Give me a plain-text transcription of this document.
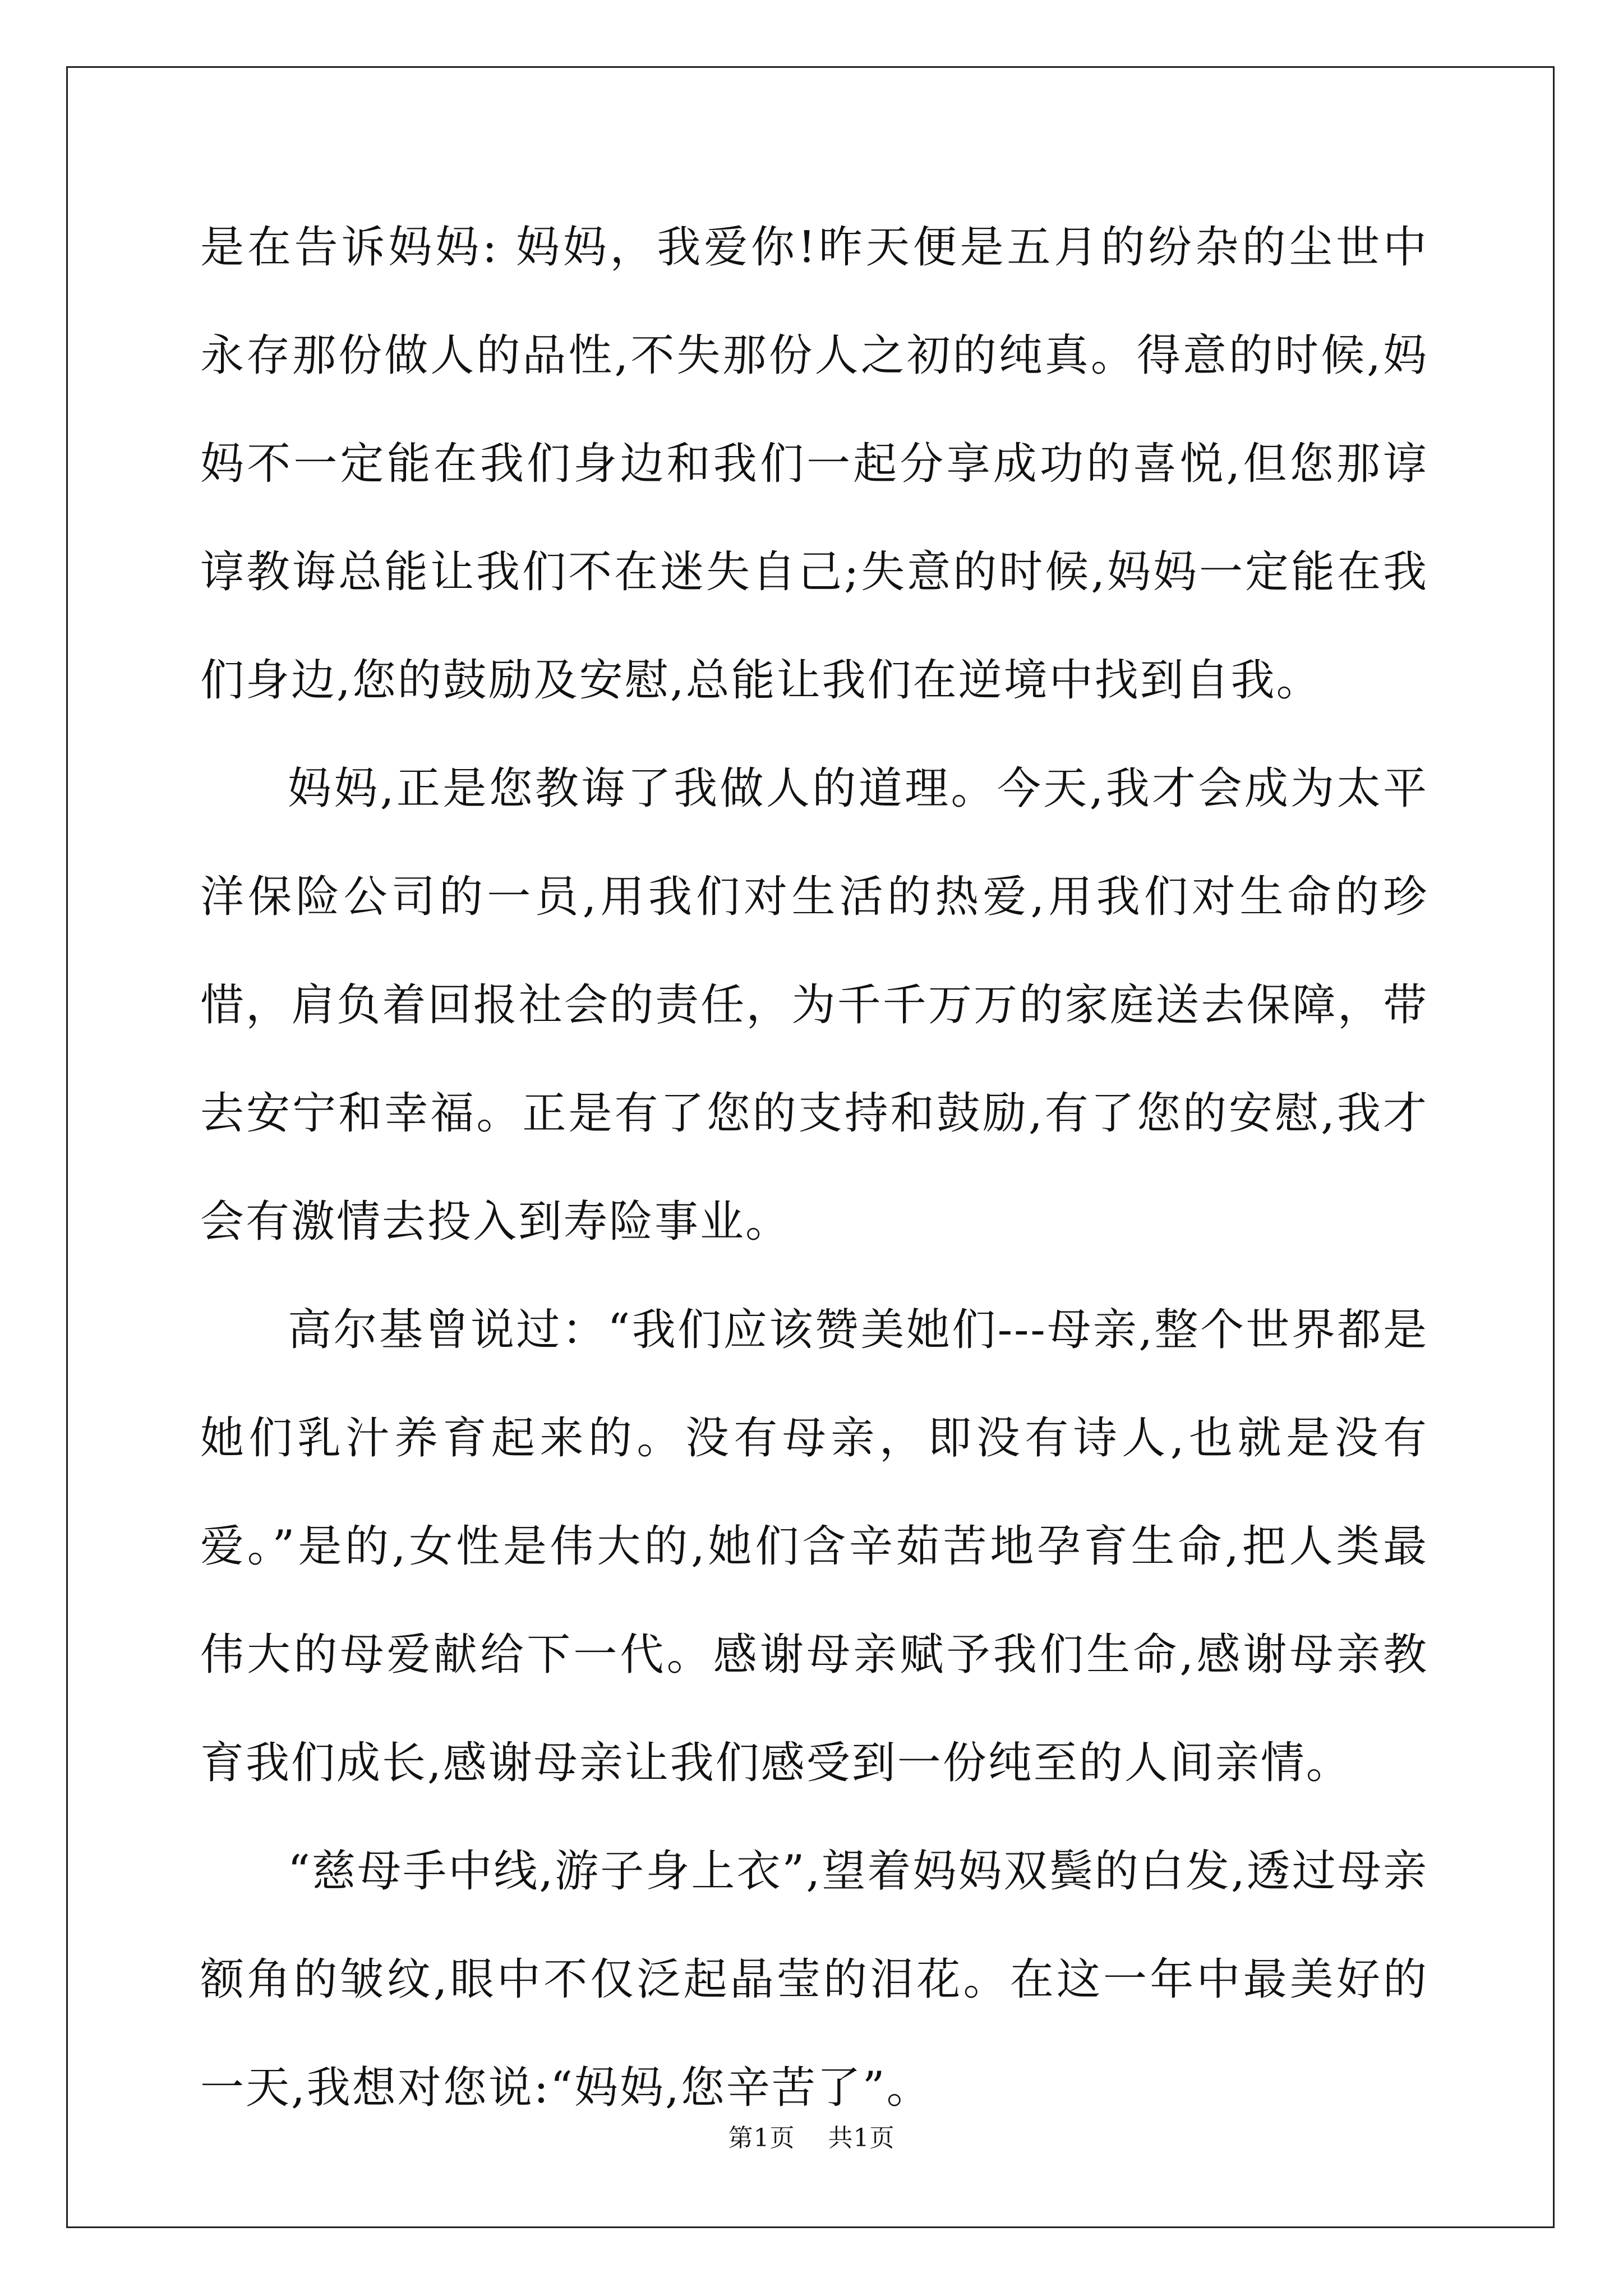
是在告诉妈妈: 妈妈，我爱你!昨天便是五月的纷杂的尘世中永存那份做人的品性,不失那份人之初的纯真。得意的时候,妈妈不一定能在我们身边和我们一起分享成功的喜悦,但您那谆谆教诲总能让我们不在迷失自己;失意的时候,妈妈一定能在我们身边,您的鼓励及安慰,总能让我们在逆境中找到自我。

妈妈,正是您教诲了我做人的道理。今天,我才会成为太平洋保险公司的一员,用我们对生活的热爱,用我们对生命的珍惜，肩负着回报社会的责任，为千千万万的家庭送去保障，带去安宁和幸福。正是有了您的支持和鼓励,有了您的安慰,我才会有激情去投入到寿险事业。

高尔基曾说过：“我们应该赞美她们---母亲,整个世界都是她们乳汁养育起来的。没有母亲，即没有诗人,也就是没有爱。”是的,女性是伟大的,她们含辛茹苦地孕育生命,把人类最伟大的母爱献给下一代。感谢母亲赋予我们生命,感谢母亲教育我们成长,感谢母亲让我们感受到一份纯至的人间亲情。

“慈母手中线,游子身上衣”,望着妈妈双鬓的白发,透过母亲额角的皱纹,眼中不仅泛起晶莹的泪花。在这一年中最美好的一天,我想对您说:“妈妈,您辛苦了”。

第1页 共1页
